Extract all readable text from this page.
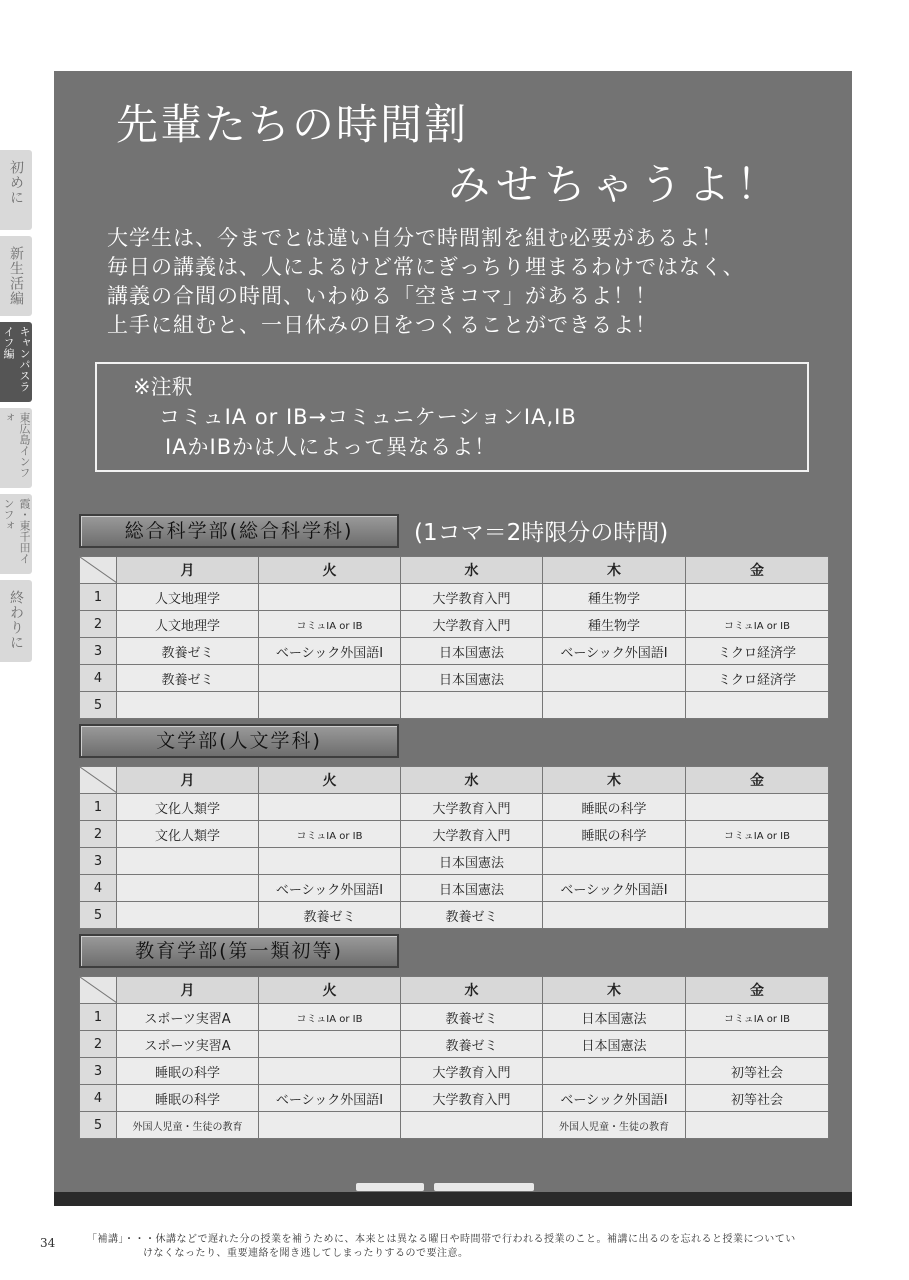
初めに
新生活編
キャンパスライフ編
東広島インフォ
霞・東千田インフォ
終わりに
先輩たちの時間割
みせちゃうよ！
大学生は、今までとは違い自分で時間割を組む必要があるよ！
毎日の講義は、人によるけど常にぎっちり埋まるわけではなく、
講義の合間の時間、いわゆる「空きコマ」があるよ！！
上手に組むと、一日休みの日をつくることができるよ！
※注釈
コミュⅠA or ⅠB→コミュニケーションⅠA,ⅠB
ⅠAかⅠBかは人によって異なるよ！
総合科学部(総合科学科)	(1コマ＝2時限分の時間)
文学部(人文学科)
教育学部(第一類初等)
	月	火	水	木	金
1	人文地理学		大学教育入門	種生物学	
2	人文地理学	コミュⅠA or ⅠB	大学教育入門	種生物学	コミュⅠA or ⅠB
3	教養ゼミ	ベーシック外国語Ⅰ	日本国憲法	ベーシック外国語Ⅰ	ミクロ経済学
4	教養ゼミ		日本国憲法		ミクロ経済学
5					
	月	火	水	木	金
1	文化人類学		大学教育入門	睡眠の科学	
2	文化人類学	コミュⅠA or ⅠB	大学教育入門	睡眠の科学	コミュⅠA or ⅠB
3			日本国憲法		
4		ベーシック外国語Ⅰ	日本国憲法	ベーシック外国語Ⅰ	
5		教養ゼミ	教養ゼミ		
	月	火	水	木	金
1	スポーツ実習A	コミュⅠA or ⅠB	教養ゼミ	日本国憲法	コミュⅠA or ⅠB
2	スポーツ実習A		教養ゼミ	日本国憲法	
3	睡眠の科学		大学教育入門		初等社会
4	睡眠の科学	ベーシック外国語Ⅰ	大学教育入門	ベーシック外国語Ⅰ	初等社会
5	外国人児童・生徒の教育			外国人児童・生徒の教育	
34	「補講」・・・休講などで遅れた分の授業を補うために、本来とは異なる曜日や時間帯で行われる授業のこと。補講に出るのを忘れると授業についてい
けなくなったり、重要連絡を聞き逃してしまったりするので要注意。
